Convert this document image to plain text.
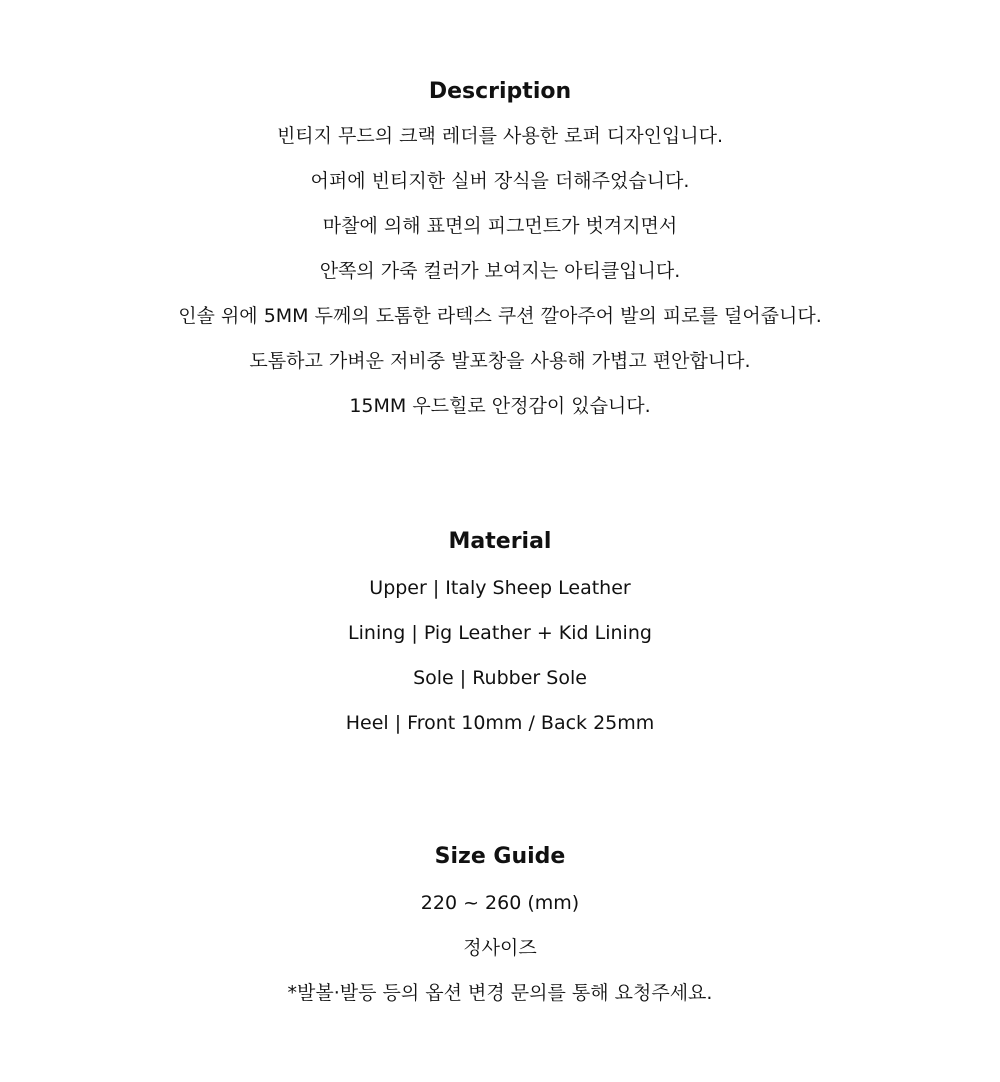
Description
빈티지 무드의 크랙 레더를 사용한 로퍼 디자인입니다.
어퍼에 빈티지한 실버 장식을 더해주었습니다.
마찰에 의해 표면의 피그먼트가 벗겨지면서
안쪽의 가죽 컬러가 보여지는 아티클입니다.
인솔 위에 5MM 두께의 도톰한 라텍스 쿠션 깔아주어 발의 피로를 덜어줍니다.
도톰하고 가벼운 저비중 발포창을 사용해 가볍고 편안합니다.
15MM 우드힐로 안정감이 있습니다.
Material
Upper | Italy Sheep Leather
Lining | Pig Leather + Kid Lining
Sole | Rubber Sole
Heel | Front 10mm / Back 25mm
Size Guide
220 ~ 260 (mm)
정사이즈
*발볼·발등 등의 옵션 변경 문의를 통해 요청주세요.
